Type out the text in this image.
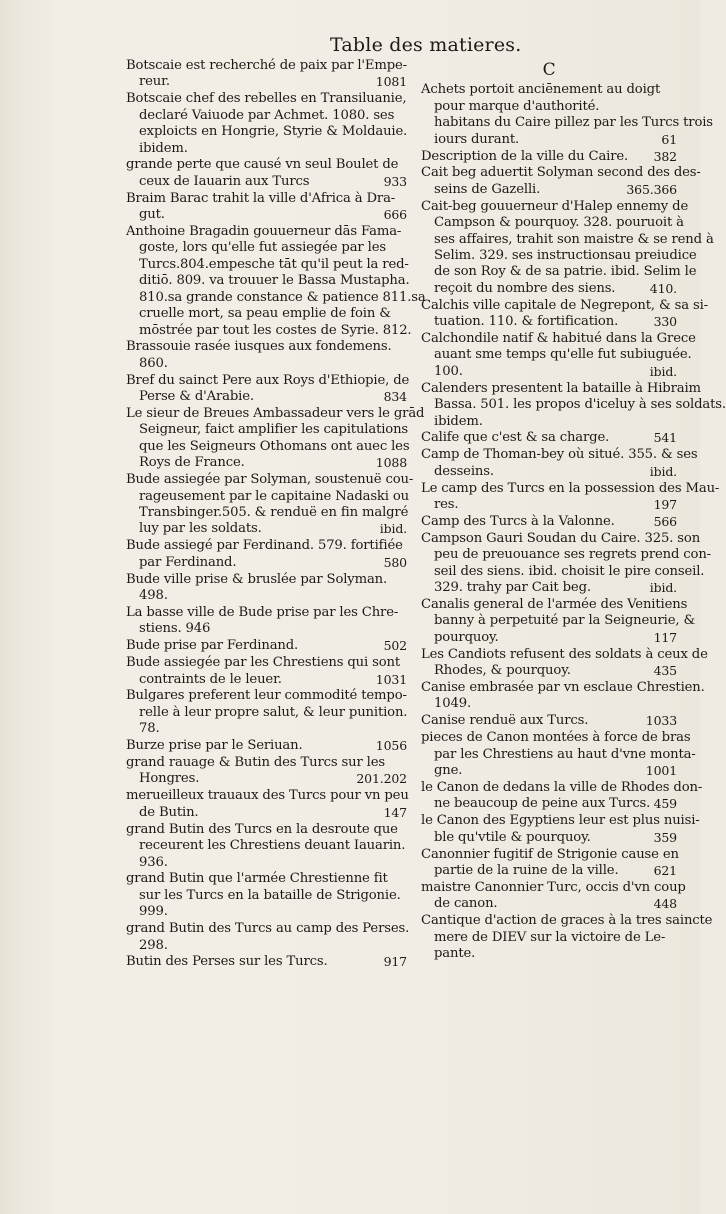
Table des matieres.
Botscaie est recherché de paix par l'Empe-
reur.	1081
Botscaie chef des rebelles en Transiluanie,
declaré Vaiuode par Achmet. 1080. ses
exploicts en Hongrie, Styrie & Moldauie.
ibidem.
grande perte que causé vn seul Boulet de
ceux de Iauarin aux Turcs	933
Braim Barac trahit la ville d'Africa à Dra-
gut.	666
Anthoine Bragadin gouuerneur dās Fama-
goste, lors qu'elle fut assiegée par les
Turcs.804.empesche tāt qu'il peut la red-
ditiō. 809. va trouuer le Bassa Mustapha.
810.sa grande constance & patience 811.sa
cruelle mort, sa peau emplie de foin &
mōstrée par tout les costes de Syrie. 812.
Brassouie rasée iusques aux fondemens.
860.
Bref du sainct Pere aux Roys d'Ethiopie, de
Perse & d'Arabie.	834
Le sieur de Breues Ambassadeur vers le grād
Seigneur, faict amplifier les capitulations
que les Seigneurs Othomans ont auec les
Roys de France.	1088
Bude assiegée par Solyman, soustenuë cou-
rageusement par le capitaine Nadaski ou
Transbinger.505. & renduë en fin malgré
luy par les soldats.	ibid.
Bude assiegé par Ferdinand. 579. fortifiée
par Ferdinand.	580
Bude ville prise & bruslée par Solyman.
498.
La basse ville de Bude prise par les Chre-
stiens. 946
Bude prise par Ferdinand.	502
Bude assiegée par les Chrestiens qui sont
contraints de le leuer.	1031
Bulgares preferent leur commodité tempo-
relle à leur propre salut, & leur punition.
78.
Burze prise par le Seriuan.	1056
grand rauage & Butin des Turcs sur les
Hongres.	201.202
merueilleux trauaux des Turcs pour vn peu
de Butin.	147
grand Butin des Turcs en la desroute que
receurent les Chrestiens deuant Iauarin.
936.
grand Butin que l'armée Chrestienne fit
sur les Turcs en la bataille de Strigonie.
999.
grand Butin des Turcs au camp des Perses.
298.
Butin des Perses sur les Turcs.	917
C
Achets portoit anciēnement au doigt
pour marque d'authorité.
habitans du Caire pillez par les Turcs trois
iours durant.	61
Description de la ville du Caire.	382
Cait beg aduertit Solyman second des des-
seins de Gazelli.	365.366
Cait-beg gouuerneur d'Halep ennemy de
Campson & pourquoy. 328. pouruoit à
ses affaires, trahit son maistre & se rend à
Selim. 329. ses instructionsau preiudice
de son Roy & de sa patrie. ibid. Selim le
reçoit du nombre des siens.	410.
Calchis ville capitale de Negrepont, & sa si-
tuation. 110. & fortification.	330
Calchondile natif & habitué dans la Grece
auant sme temps qu'elle fut subiuguée.
100.	ibid.
Calenders presentent la bataille à Hibraim
Bassa. 501. les propos d'iceluy à ses soldats.
ibidem.
Calife que c'est & sa charge.	541
Camp de Thoman-bey où situé. 355. & ses
desseins.	ibid.
Le camp des Turcs en la possession des Mau-
res.	197
Camp des Turcs à la Valonne.	566
Campson Gauri Soudan du Caire. 325. son
peu de preuouance ses regrets prend con-
seil des siens. ibid. choisit le pire conseil.
329. trahy par Cait beg.	ibid.
Canalis general de l'armée des Venitiens
banny à perpetuité par la Seigneurie, &
pourquoy.	117
Les Candiots refusent des soldats à ceux de
Rhodes, & pourquoy.	435
Canise embrasée par vn esclaue Chrestien.
1049.
Canise renduë aux Turcs.	1033
pieces de Canon montées à force de bras
par les Chrestiens au haut d'vne monta-
gne.	1001
le Canon de dedans la ville de Rhodes don-
ne beaucoup de peine aux Turcs. 459
le Canon des Egyptiens leur est plus nuisi-
ble qu'vtile & pourquoy.	359
Canonnier fugitif de Strigonie cause en
partie de la ruine de la ville.	621
maistre Canonnier Turc, occis d'vn coup
de canon.	448
Cantique d'action de graces à la tres saincte
mere de DIEV sur la victoire de Le-
pante.
